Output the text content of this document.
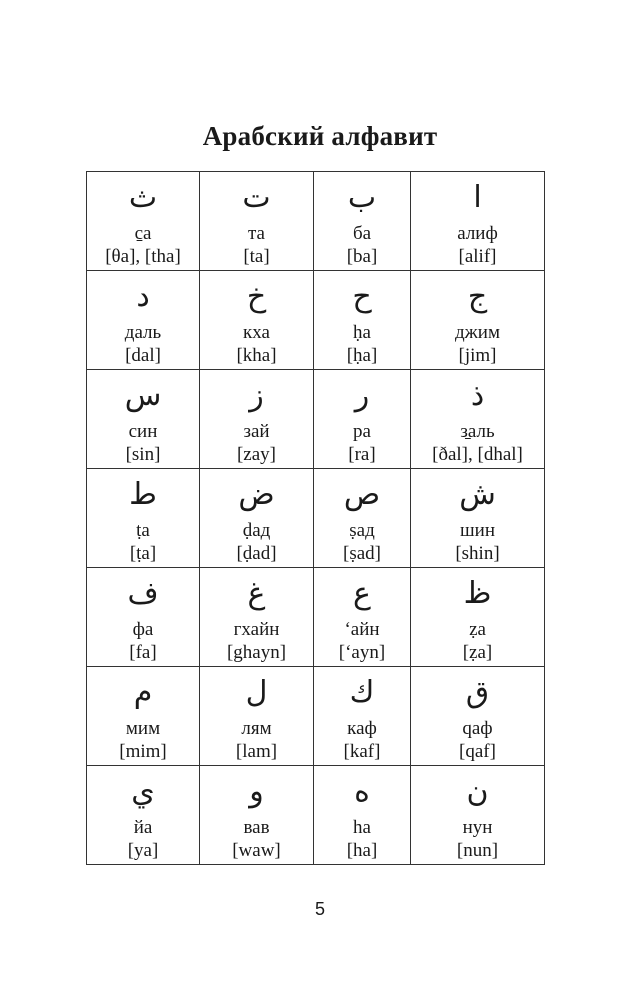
Арабский алфавит
ث
c̱а
[θa], [tha]	ت
та
[ta]	ب
ба
[ba]	ا
алиф
[alif]

د
даль
[dal]	خ
кха
[kha]	ح
ḥа
[ḥa]	ج
джим
[jim]

س
син
[sin]	ز
зай
[zay]	ر
ра
[ra]	ذ
з̱аль
[ðal], [dhal]

ط
ṭа
[ṭa]	ض
ḍад
[ḍad]	ص
ṣад
[ṣad]	ش
шин
[shin]

ف
фа
[fa]	غ
гхайн
[ghayn]	ع
‘айн
[‘ayn]	ظ
ẓа
[ẓa]

م
мим
[mim]	ل
лям
[lam]	ك
каф
[kaf]	ق
qаф
[qaf]

ي
йа
[ya]	و
вав
[waw]	ه
hа
[ha]	ن
нун
[nun]
5
